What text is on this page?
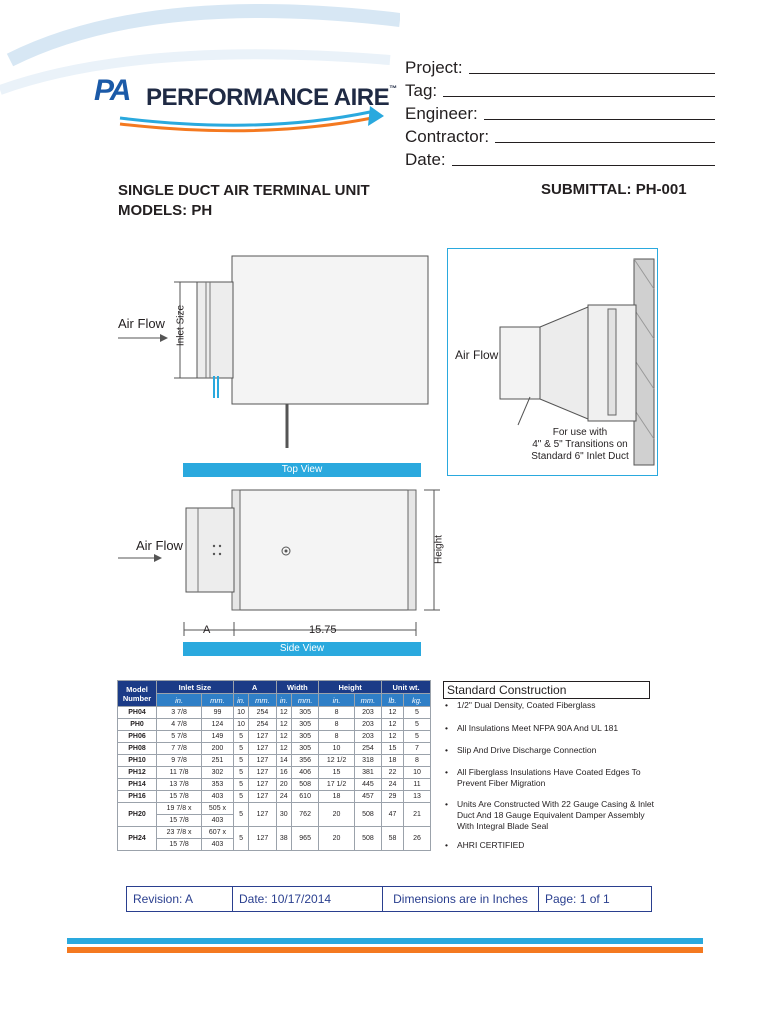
PA PERFORMANCE AIRE™
Project:
Tag:
Engineer:
Contractor:
Date:
SINGLE DUCT AIR TERMINAL UNIT
MODELS: PH
SUBMITTAL: PH-001
Air Flow Inlet Size
Top View
Air Flow
For use with
4" & 5" Transitions on
Standard 6" Inlet Duct
Air Flow	Height
A	15.75
Side View
Model Number	Inlet Size		A		Width		Height		Unit wt.	
	in.	mm.	in.	mm.	in.	mm.	in.	mm.	lb.	kg.
PH04	3 7/8	99	10	254	12	305	8	203	12	5
PH0	4 7/8	124	10	254	12	305	8	203	12	5
PH06	5 7/8	149	5	127	12	305	8	203	12	5
PH08	7 7/8	200	5	127	12	305	10	254	15	7
PH10	9 7/8	251	5	127	14	356	12 1/2	318	18	8
PH12	11 7/8	302	5	127	16	406	15	381	22	10
PH14	13 7/8	353	5	127	20	508	17 1/2	445	24	11
PH16	15 7/8	403	5	127	24	610	18	457	29	13
PH20	19 7/8 x	505 x	5	127	30	762	20	508	47	21
	15 7/8	403								
PH24	23 7/8 x	607 x	5	127	38	965	20	508	58	26
	15 7/8	403								
Standard Construction
• 1/2" Dual Density, Coated Fiberglass
• All Insulations Meet NFPA 90A And UL 181
• Slip And Drive Discharge Connection
• All Fiberglass Insulations Have Coated Edges To Prevent Fiber Migration
• Units Are Constructed With 22 Gauge Casing & Inlet Duct And 18 Gauge Equivalent Damper Assembly With Integral Blade Seal
• AHRI CERTIFIED
Revision: A	Date: 10/17/2014	Dimensions are in Inches	Page: 1 of 1
